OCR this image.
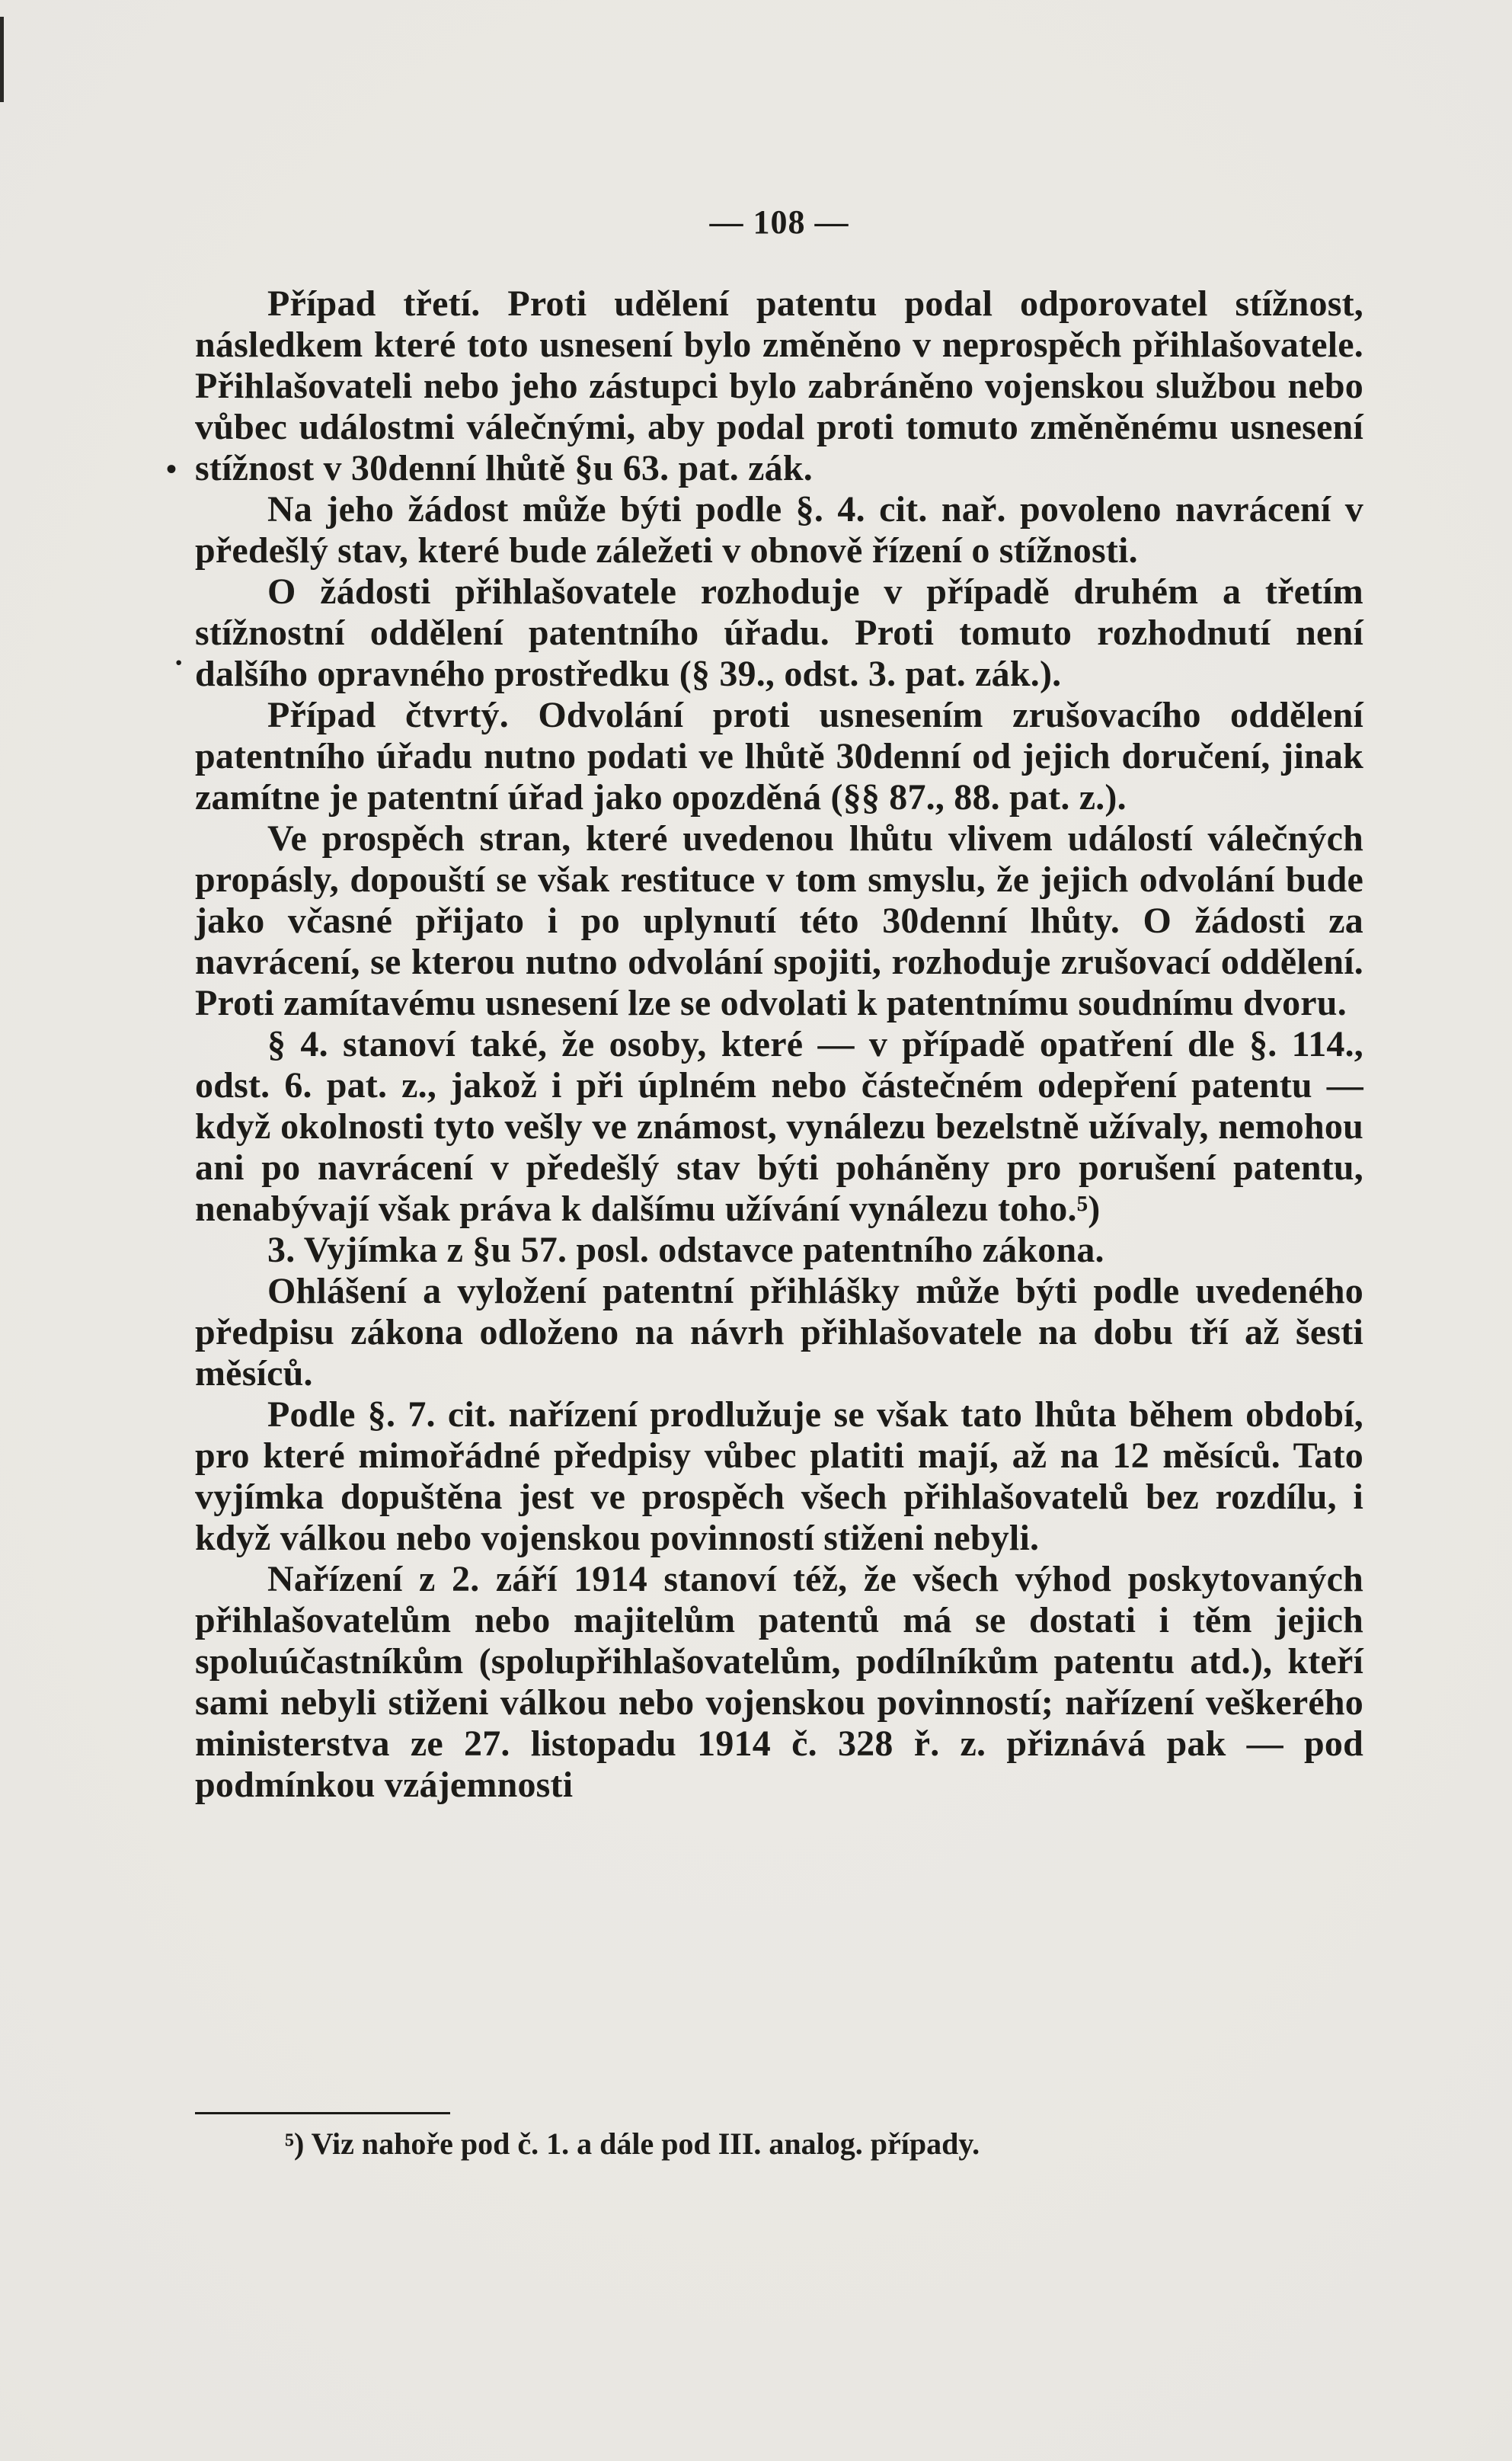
— 108 —

Případ třetí. Proti udělení patentu podal odporovatel stížnost, následkem které toto usnesení bylo změněno v neprospěch přihlašovatele. Přihlašovateli nebo jeho zástupci bylo zabráněno vojenskou službou nebo vůbec událostmi válečnými, aby podal proti tomuto změněnému usnesení stížnost v 30denní lhůtě §u 63. pat. zák.

Na jeho žádost může býti podle §. 4. cit. nař. povoleno navrácení v předešlý stav, které bude záležeti v obnově řízení o stížnosti.

O žádosti přihlašovatele rozhoduje v případě druhém a třetím stížnostní oddělení patentního úřadu. Proti tomuto rozhodnutí není dalšího opravného prostředku (§ 39., odst. 3. pat. zák.).

Případ čtvrtý. Odvolání proti usnesením zrušovacího oddělení patentního úřadu nutno podati ve lhůtě 30denní od jejich doručení, jinak zamítne je patentní úřad jako opozděná (§§ 87., 88. pat. z.).

Ve prospěch stran, které uvedenou lhůtu vlivem událostí válečných propásly, dopouští se však restituce v tom smyslu, že jejich odvolání bude jako včasné přijato i po uplynutí této 30denní lhůty. O žádosti za navrácení, se kterou nutno odvolání spojiti, rozhoduje zrušovací oddělení. Proti zamítavému usnesení lze se odvolati k patentnímu soudnímu dvoru.

§ 4. stanoví také, že osoby, které — v případě opatření dle §. 114., odst. 6. pat. z., jakož i při úplném nebo částečném odepření patentu — když okolnosti tyto vešly ve známost, vynálezu bezelstně užívaly, nemohou ani po navrácení v předešlý stav býti poháněny pro porušení patentu, nenabývají však práva k dalšímu užívání vynálezu toho.⁵)

3. Vyjímka z §u 57. posl. odstavce patentního zákona.

Ohlášení a vyložení patentní přihlášky může býti podle uvedeného předpisu zákona odloženo na návrh přihlašovatele na dobu tří až šesti měsíců.

Podle §. 7. cit. nařízení prodlužuje se však tato lhůta během období, pro které mimořádné předpisy vůbec platiti mají, až na 12 měsíců. Tato vyjímka dopuštěna jest ve prospěch všech přihlašovatelů bez rozdílu, i když válkou nebo vojenskou povinností stiženi nebyli.

Nařízení z 2. září 1914 stanoví též, že všech výhod poskytovaných přihlašovatelům nebo majitelům patentů má se dostati i těm jejich spoluúčastníkům (spolupřihlašovatelům, podílníkům patentu atd.), kteří sami nebyli stiženi válkou nebo vojenskou povinností; nařízení veškerého ministerstva ze 27. listopadu 1914 č. 328 ř. z. přiznává pak — pod podmínkou vzájemnosti

•
·

⁵) Viz nahoře pod č. 1. a dále pod III. analog. případy.
